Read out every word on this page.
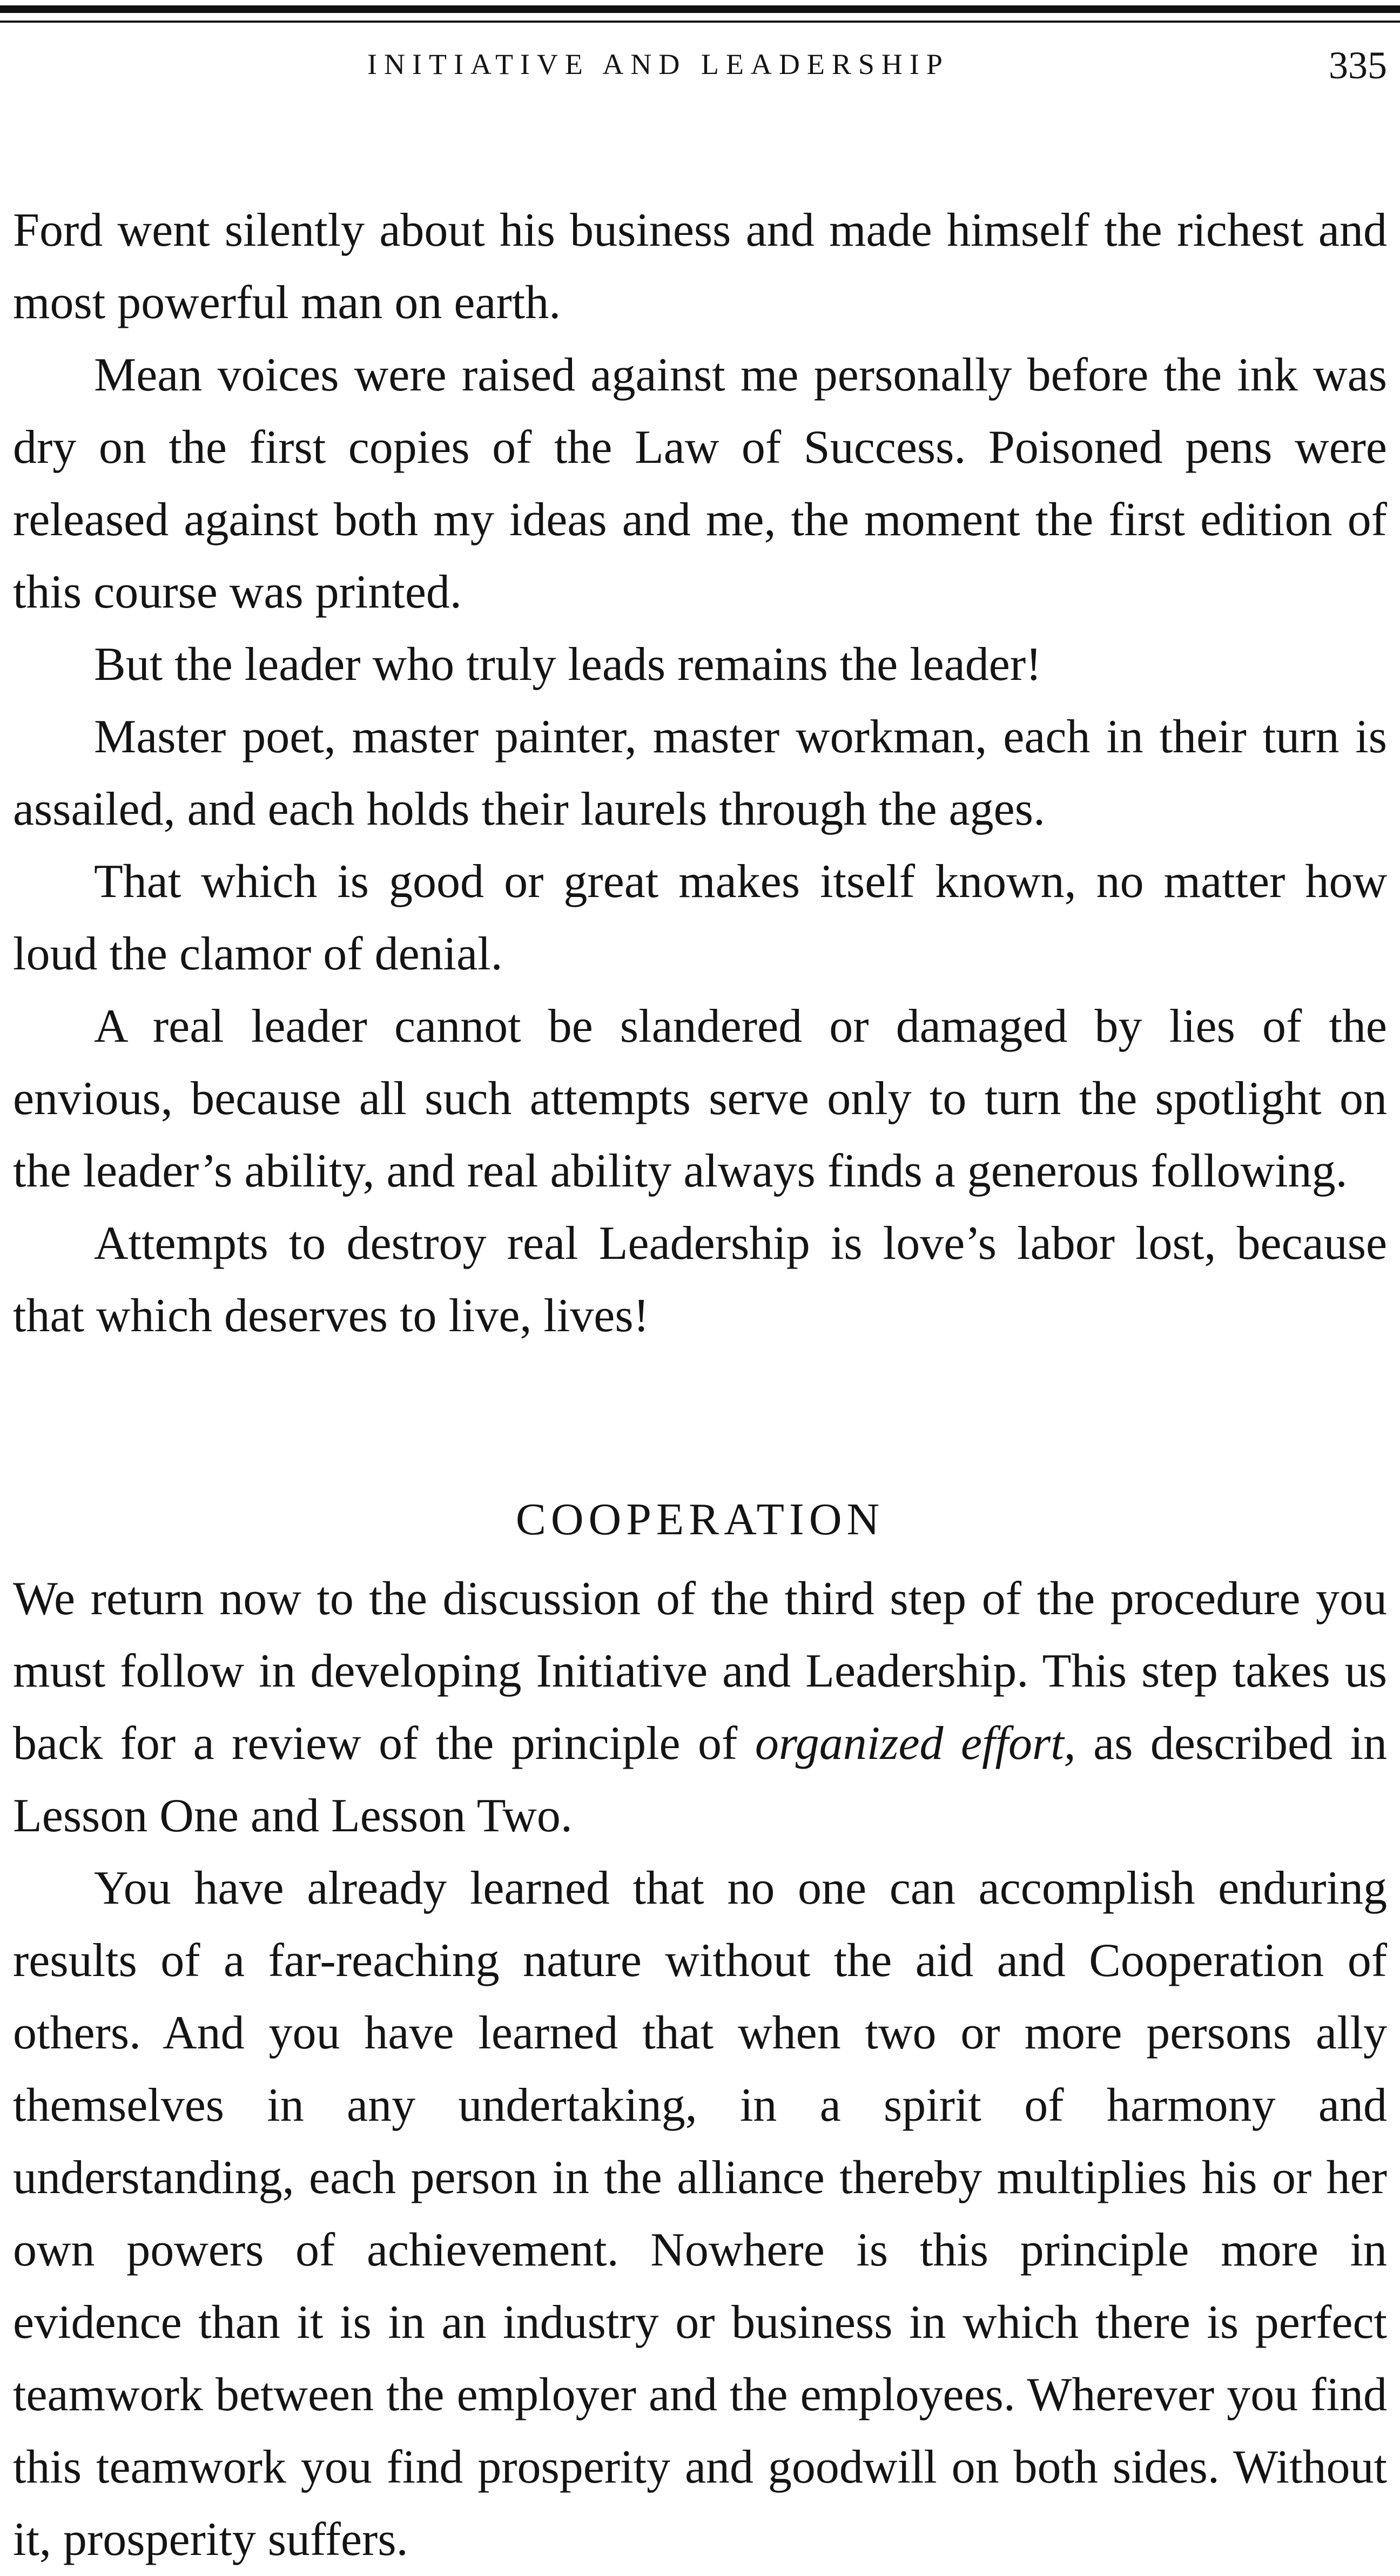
INITIATIVE AND LEADERSHIP	335

Ford went silently about his business and made himself the richest and most powerful man on earth.

Mean voices were raised against me personally before the ink was dry on the first copies of the Law of Success. Poisoned pens were released against both my ideas and me, the moment the first edition of this course was printed.

But the leader who truly leads remains the leader!

Master poet, master painter, master workman, each in their turn is assailed, and each holds their laurels through the ages.

That which is good or great makes itself known, no matter how loud the clamor of denial.

A real leader cannot be slandered or damaged by lies of the envious, because all such attempts serve only to turn the spotlight on the leader’s ability, and real ability always finds a generous following.

Attempts to destroy real Leadership is love’s labor lost, because that which deserves to live, lives!

COOPERATION

We return now to the discussion of the third step of the procedure you must follow in developing Initiative and Leadership. This step takes us back for a review of the principle of organized effort, as described in Lesson One and Lesson Two.

You have already learned that no one can accomplish enduring results of a far-reaching nature without the aid and Cooperation of others. And you have learned that when two or more persons ally themselves in any undertaking, in a spirit of harmony and understanding, each person in the alliance thereby multiplies his or her own powers of achievement. Nowhere is this principle more in evidence than it is in an industry or business in which there is perfect teamwork between the employer and the employees. Wherever you find this teamwork you find prosperity and goodwill on both sides. Without it, prosperity suffers.
